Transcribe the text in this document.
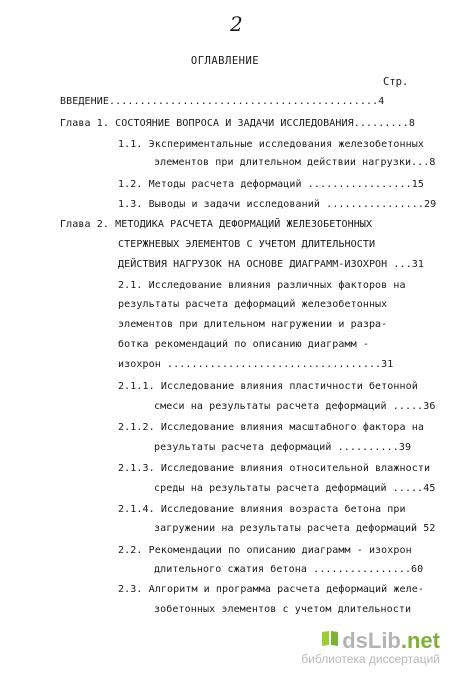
2
ОГЛАВЛЕНИЕ
Стр.
ВВЕДЕНИЕ............................................4
Глава 1. СОСТОЯНИЕ ВОПРОСА И ЗАДАЧИ ИССЛЕДОВАНИЯ.........8
1.1. Экспериментальные исследования железобетонных
элементов при длительном действии нагрузки...8
1.2. Методы расчета деформаций .................15
1.3. Выводы и задачи исследований ................29
Глава 2. МЕТОДИКА РАСЧЕТА ДЕФОРМАЦИЙ ЖЕЛЕЗОБЕТОННЫХ
СТЕРЖНЕВЫХ ЭЛЕМЕНТОВ С УЧЕТОМ ДЛИТЕЛЬНОСТИ
ДЕЙСТВИЯ НАГРУЗОК НА ОСНОВЕ ДИАГРАММ-ИЗОХРОН ...31
2.1. Исследование влияния различных факторов на
результаты расчета деформаций железобетонных
элементов при длительном нагружении и разра-
ботка рекомендаций по описанию диаграмм -
изохрон ...................................31
2.1.1. Исследование влияния пластичности бетонной
смеси на результаты расчета деформаций .....36
2.1.2. Исследование влияния масштабного фактора на
результаты расчета деформаций ..........39
2.1.3. Исследование влияния относительной влажности
среды на результаты расчета деформаций .....45
2.1.4. Исследование влияния возраста бетона при
загружении на результаты расчета деформаций 52
2.2. Рекомендации по описанию диаграмм - изохрон
длительного сжатия бетона ................60
2.3. Алгоритм и программа расчета деформаций желе-
зобетонных элементов с учетом длительности
dsLib .net
библиотека диссертаций
